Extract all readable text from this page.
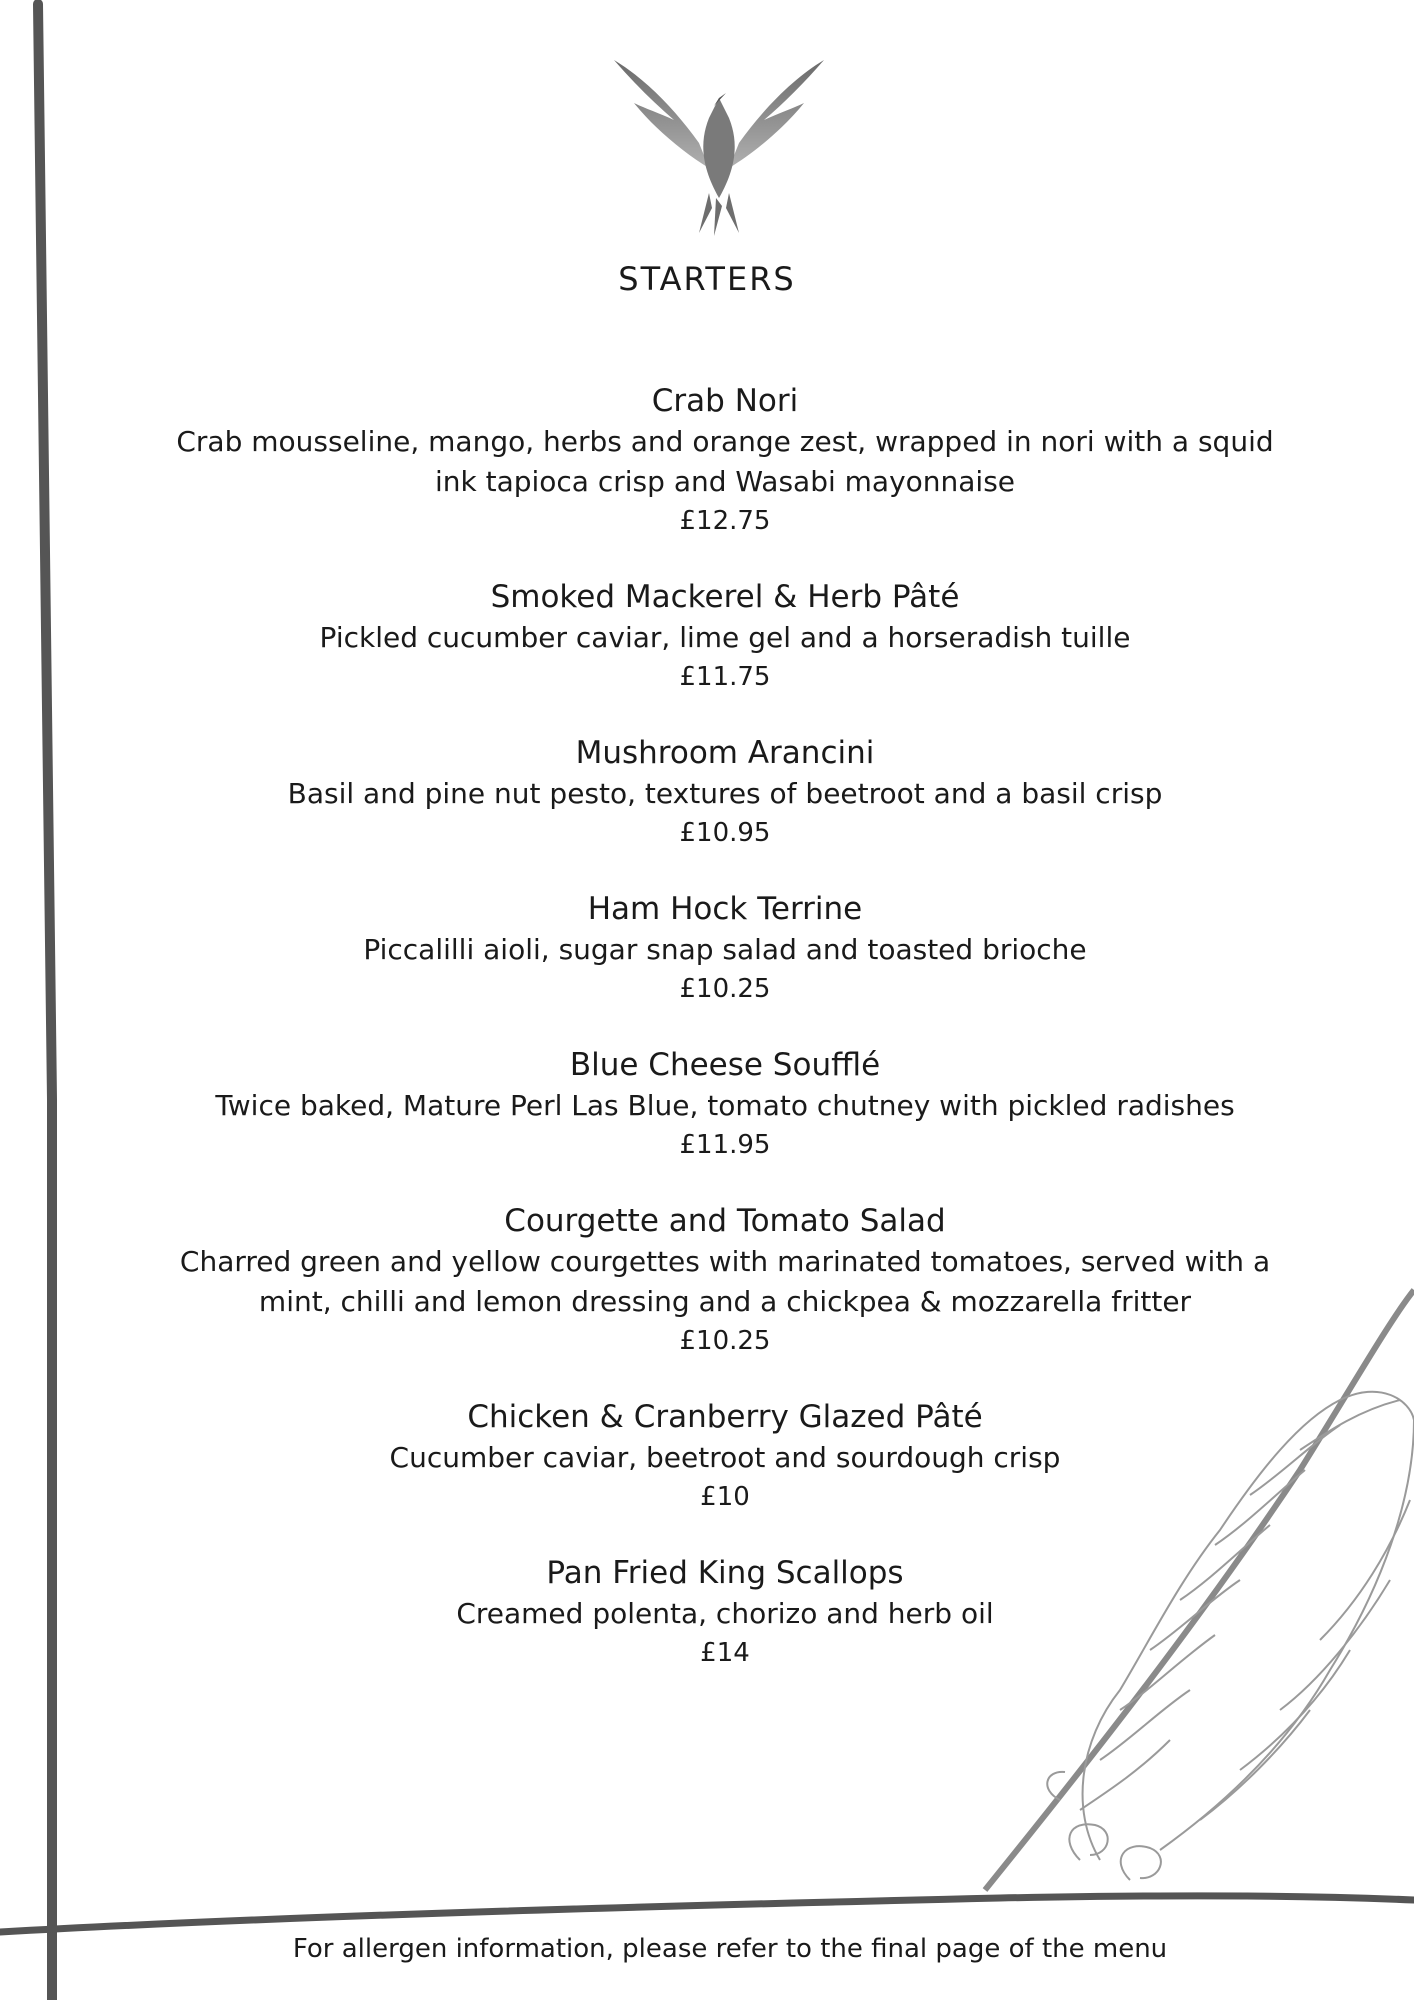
STARTERS

Crab Nori

Crab mousseline, mango, herbs and orange zest, wrapped in nori with a squid ink tapioca crisp and Wasabi mayonnaise

£12.75

Smoked Mackerel & Herb Pâté

Pickled cucumber caviar, lime gel and a horseradish tuille

£11.75

Mushroom Arancini

Basil and pine nut pesto, textures of beetroot and a basil crisp

£10.95

Ham Hock Terrine

Piccalilli aioli, sugar snap salad and toasted brioche

£10.25

Blue Cheese Soufflé

Twice baked, Mature Perl Las Blue, tomato chutney with pickled radishes

£11.95

Courgette and Tomato Salad

Charred green and yellow courgettes with marinated tomatoes, served with a mint, chilli and lemon dressing and a chickpea & mozzarella fritter

£10.25

Chicken & Cranberry Glazed Pâté

Cucumber caviar, beetroot and sourdough crisp

£10

Pan Fried King Scallops

Creamed polenta, chorizo and herb oil

£14

For allergen information, please refer to the final page of the menu
